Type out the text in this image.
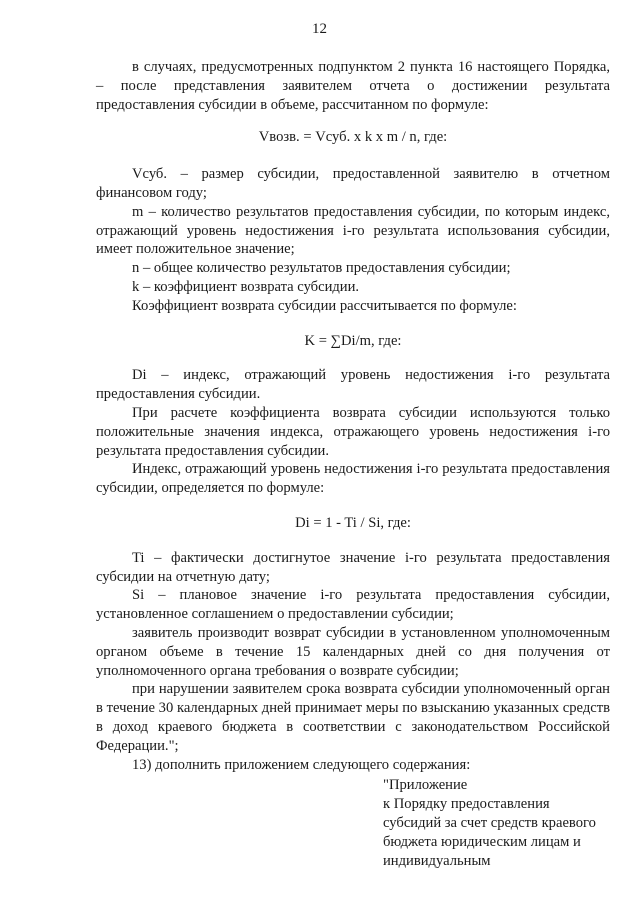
12

в случаях, предусмотренных подпунктом 2 пункта 16 настоящего Порядка, – после представления заявителем отчета о достижении результата предоставления субсидии в объеме, рассчитанном по формуле:

Vвозв. = Vсуб. x k x m / n, где:

Vсуб. – размер субсидии, предоставленной заявителю в отчетном финансовом году;

m – количество результатов предоставления субсидии, по которым индекс, отражающий уровень недостижения i-го результата использования субсидии, имеет положительное значение;

n – общее количество результатов предоставления субсидии;

k – коэффициент возврата субсидии.

Коэффициент возврата субсидии рассчитывается по формуле:

K = ∑Di/m, где:

Di – индекс, отражающий уровень недостижения i-го результата предоставления субсидии.

При расчете коэффициента возврата субсидии используются только положительные значения индекса, отражающего уровень недостижения i-го результата предоставления субсидии.

Индекс, отражающий уровень недостижения i-го результата предоставления субсидии, определяется по формуле:

Di = 1 - Ti / Si, где:

Ti – фактически достигнутое значение i-го результата предоставления субсидии на отчетную дату;

Si – плановое значение i-го результата предоставления субсидии, установленное соглашением о предоставлении субсидии;

заявитель производит возврат субсидии в установленном уполномоченным органом объеме в течение 15 календарных дней со дня получения от уполномоченного органа требования о возврате субсидии;

при нарушении заявителем срока возврата субсидии уполномоченный орган в течение 30 календарных дней принимает меры по взысканию указанных средств в доход краевого бюджета в соответствии с законодательством Российской Федерации.";

13) дополнить приложением следующего содержания:

"Приложение
к Порядку предоставления
субсидий за счет средств краевого
бюджета юридическим лицам и
индивидуальным
